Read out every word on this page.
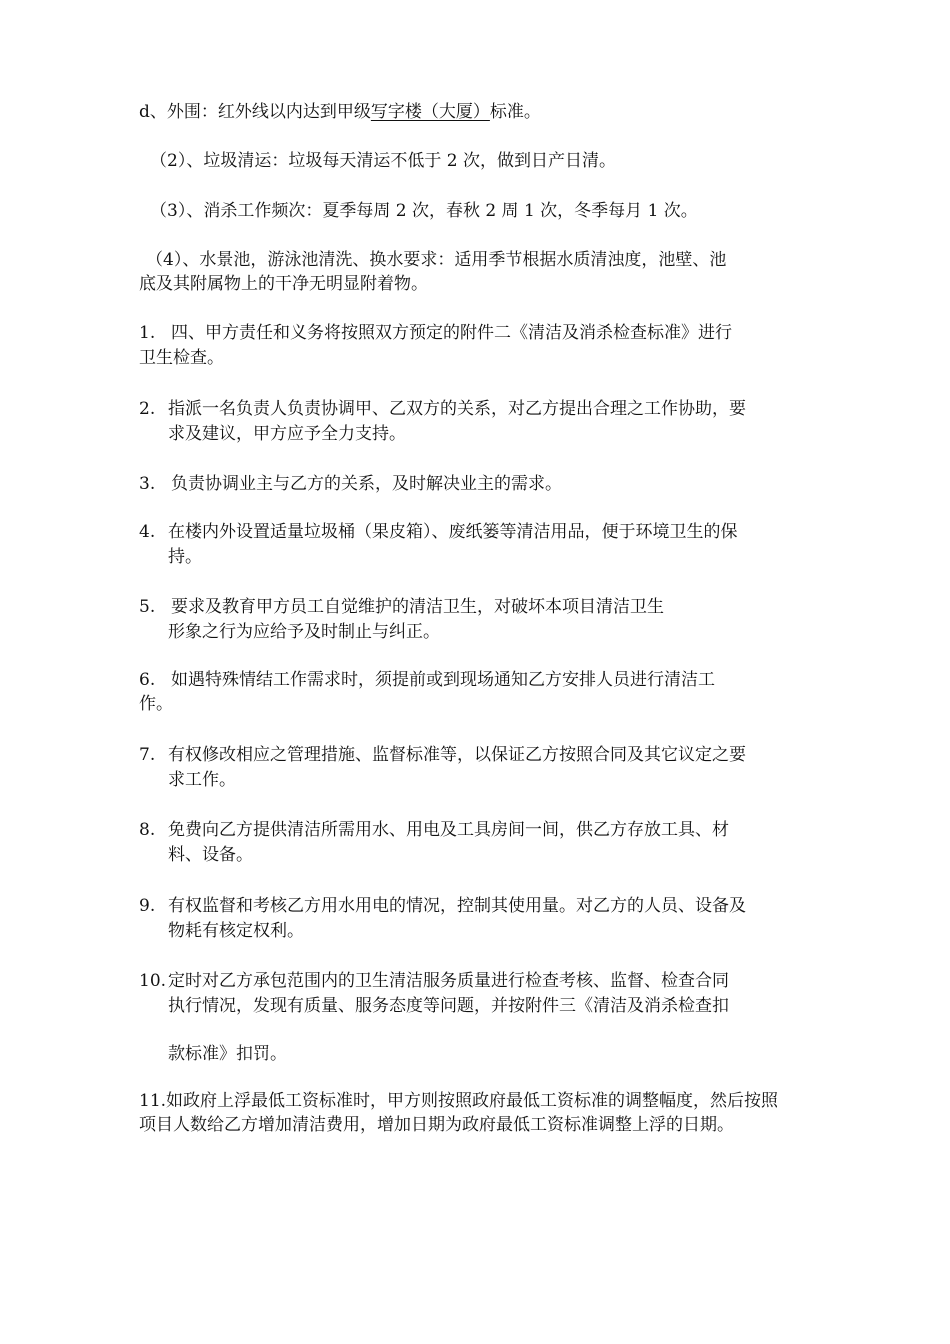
d、外围：红外线以内达到甲级写字楼（大厦）标准。
（2）、垃圾清运：垃圾每天清运不低于 2 次，做到日产日清。
（3）、消杀工作频次：夏季每周 2 次，春秋 2 周 1 次，冬季每月 1 次。
（4）、水景池，游泳池清洗、换水要求：适用季节根据水质清浊度，池壁、池
底及其附属物上的干净无明显附着物。
1. 四、甲方责任和义务将按照双方预定的附件二《清洁及消杀检查标准》进行
卫生检查。
2. 指派一名负责人负责协调甲、乙双方的关系，对乙方提出合理之工作协助，要
求及建议，甲方应予全力支持。
3. 负责协调业主与乙方的关系，及时解决业主的需求。
4. 在楼内外设置适量垃圾桶（果皮箱）、废纸篓等清洁用品，便于环境卫生的保
持。
5. 要求及教育甲方员工自觉维护的清洁卫生，对破坏本项目清洁卫生
形象之行为应给予及时制止与纠正。
6. 如遇特殊情结工作需求时，须提前或到现场通知乙方安排人员进行清洁工
作。
7. 有权修改相应之管理措施、监督标准等，以保证乙方按照合同及其它议定之要
求工作。
8. 免费向乙方提供清洁所需用水、用电及工具房间一间，供乙方存放工具、材
料、设备。
9. 有权监督和考核乙方用水用电的情况，控制其使用量。对乙方的人员、设备及
物耗有核定权利。
10. 定时对乙方承包范围内的卫生清洁服务质量进行检查考核、监督、检查合同
执行情况，发现有质量、服务态度等问题，并按附件三《清洁及消杀检查扣
款标准》扣罚。
11. 如政府上浮最低工资标准时，甲方则按照政府最低工资标准的调整幅度，然后按照
项目人数给乙方增加清洁费用，增加日期为政府最低工资标准调整上浮的日期。
